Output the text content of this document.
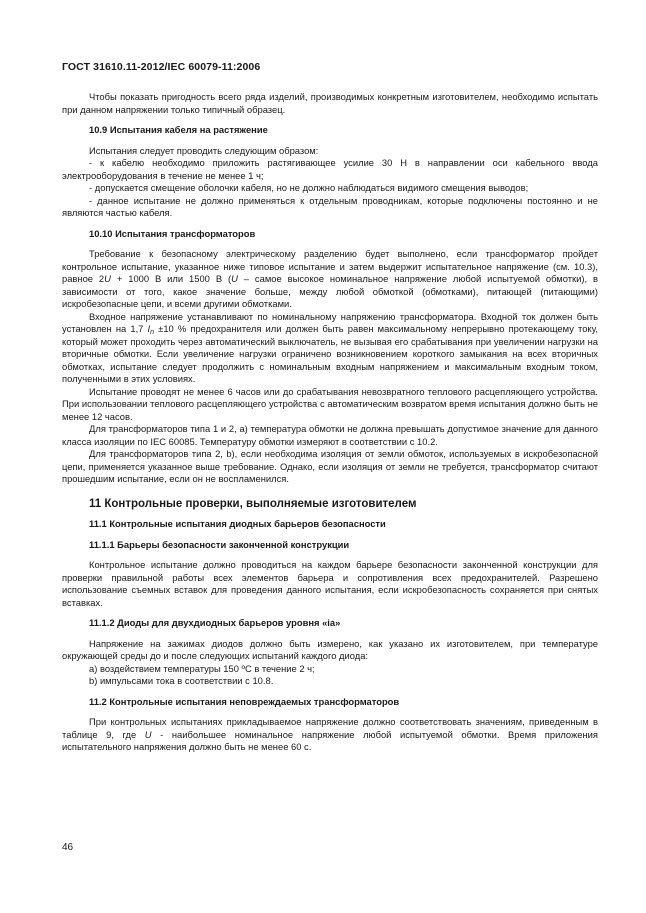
ГОСТ 31610.11-2012/IEC 60079-11:2006

Чтобы показать пригодность всего ряда изделий, производимых конкретным изготовителем, необходимо испытать при данном напряжении только типичный образец.

10.9 Испытания кабеля на растяжение

Испытания следует проводить следующим образом:

- к кабелю необходимо приложить растягивающее усилие 30 Н в направлении оси кабельного ввода электрооборудования в течение не менее 1 ч;

- допускается смещение оболочки кабеля, но не должно наблюдаться видимого смещения выводов;

- данное испытание не должно применяться к отдельным проводникам, которые подключены постоянно и не являются частью кабеля.

10.10 Испытания трансформаторов

Требование к безопасному электрическому разделению будет выполнено, если трансформатор пройдет контрольное испытание, указанное ниже типовое испытание и затем выдержит испытательное напряжение (см. 10.3), равное 2U + 1000 В или 1500 В (U – самое высокое номинальное напряжение любой испытуемой обмотки), в зависимости от того, какое значение больше, между любой обмоткой (обмотками), питающей (питающими) искробезопасные цепи, и всеми другими обмотками.

Входное напряжение устанавливают по номинальному напряжению трансформатора. Входной ток должен быть установлен на 1,7 $I_n \pm 10$ % предохранителя или должен быть равен максимальному непрерывно протекающему току, который может проходить через автоматический выключатель, не вызывая его срабатывания при увеличении нагрузки на вторичные обмотки. Если увеличение нагрузки ограничено возникновением короткого замыкания на всех вторичных обмотках, испытание следует продолжить с номинальным входным напряжением и максимальным входным током, полученными в этих условиях.

Испытание проводят не менее 6 часов или до срабатывания невозвратного теплового расцепляющего устройства. При использовании теплового расцепляющего устройства с автоматическим возвратом время испытания должно быть не менее 12 часов.

Для трансформаторов типа 1 и 2, а) температура обмотки не должна превышать допустимое значение для данного класса изоляции по IEC 60085. Температуру обмотки измеряют в соответствии с 10.2.

Для трансформаторов типа 2, b), если необходима изоляция от земли обмоток, используемых в искробезопасной цепи, применяется указанное выше требование. Однако, если изоляция от земли не требуется, трансформатор считают прошедшим испытание, если он не воспламенился.

11 Контрольные проверки, выполняемые изготовителем

11.1 Контрольные испытания диодных барьеров безопасности

11.1.1 Барьеры безопасности законченной конструкции

Контрольное испытание должно проводиться на каждом барьере безопасности законченной конструкции для проверки правильной работы всех элементов барьера и сопротивления всех предохранителей. Разрешено использование съемных вставок для проведения данного испытания, если искробезопасность сохраняется при снятых вставках.

11.1.2 Диоды для двухдиодных барьеров уровня «ia»

Напряжение на зажимах диодов должно быть измерено, как указано их изготовителем, при температуре окружающей среды до и после следующих испытаний каждого диода:

a) воздействием температуры 150 ºС в течение 2 ч;

b) импульсами тока в соответствии с 10.8.

11.2 Контрольные испытания неповреждаемых трансформаторов

При контрольных испытаниях прикладываемое напряжение должно соответствовать значениям, приведенным в таблице 9, где U - наибольшее номинальное напряжение любой испытуемой обмотки. Время приложения испытательного напряжения должно быть не менее 60 с.

46
